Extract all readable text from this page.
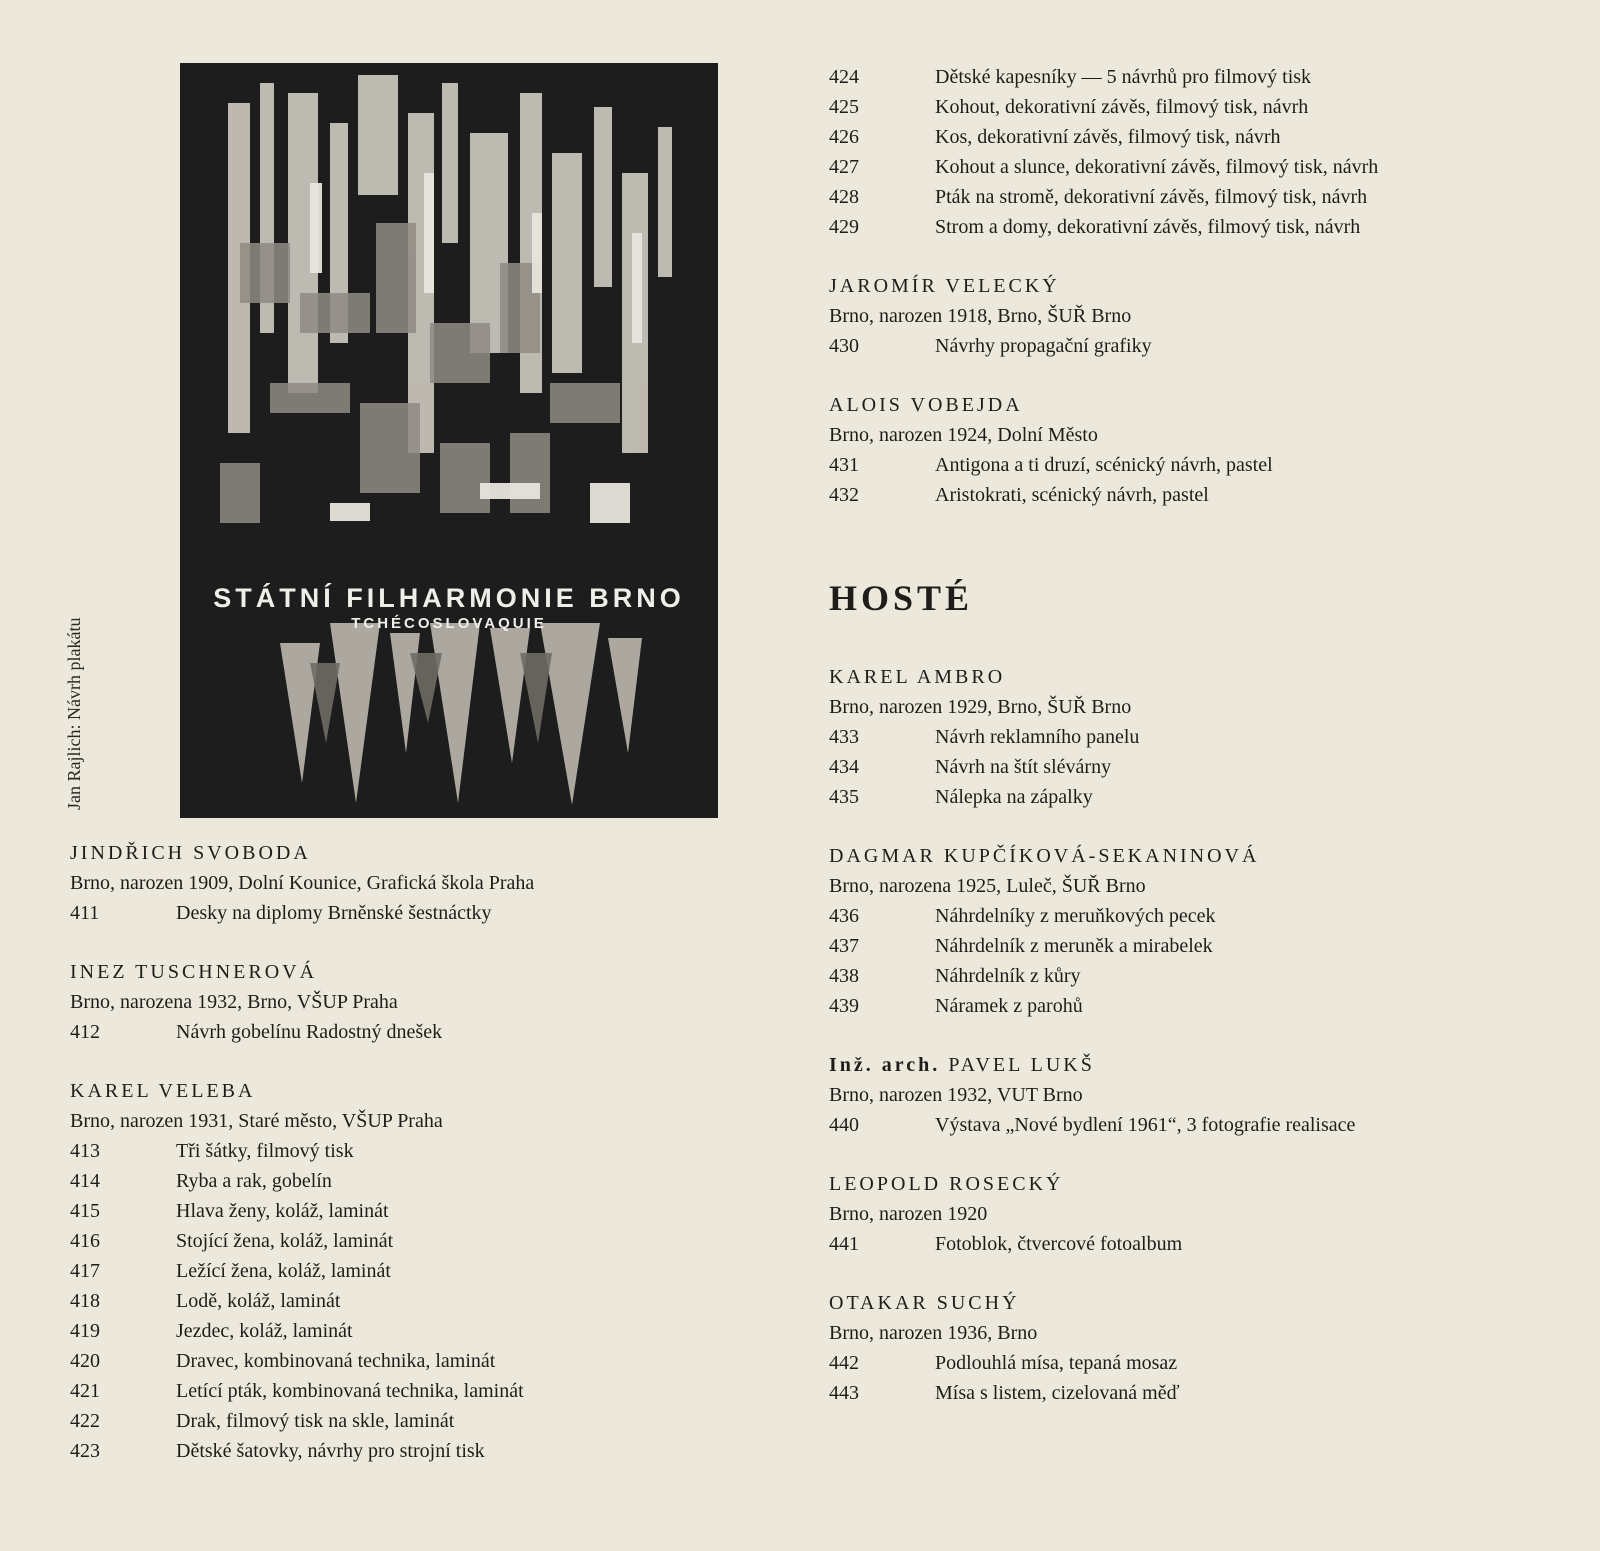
STÁTNÍ FILHARMONIE BRNO
TCHÉCOSLOVAQUIE
Jan Rajlich: Návrh plakátu
JINDŘICH SVOBODA
Brno, narozen 1909, Dolní Kounice, Grafická škola Praha
411	Desky na diplomy Brněnské šestnáctky
INEZ TUSCHNEROVÁ
Brno, narozena 1932, Brno, VŠUP Praha
412	Návrh gobelínu Radostný dnešek
KAREL VELEBA
Brno, narozen 1931, Staré město, VŠUP Praha
413	Tři šátky, filmový tisk
414	Ryba a rak, gobelín
415	Hlava ženy, koláž, laminát
416	Stojící žena, koláž, laminát
417	Ležící žena, koláž, laminát
418	Lodě, koláž, laminát
419	Jezdec, koláž, laminát
420	Dravec, kombinovaná technika, laminát
421	Letící pták, kombinovaná technika, laminát
422	Drak, filmový tisk na skle, laminát
423	Dětské šatovky, návrhy pro strojní tisk
424	Dětské kapesníky — 5 návrhů pro filmový tisk
425	Kohout, dekorativní závěs, filmový tisk, návrh
426	Kos, dekorativní závěs, filmový tisk, návrh
427	Kohout a slunce, dekorativní závěs, filmový tisk, návrh
428	Pták na stromě, dekorativní závěs, filmový tisk, návrh
429	Strom a domy, dekorativní závěs, filmový tisk, návrh
JAROMÍR VELECKÝ
Brno, narozen 1918, Brno, ŠUŘ Brno
430	Návrhy propagační grafiky
ALOIS VOBEJDA
Brno, narozen 1924, Dolní Město
431	Antigona a ti druzí, scénický návrh, pastel
432	Aristokrati, scénický návrh, pastel
HOSTÉ
KAREL AMBRO
Brno, narozen 1929, Brno, ŠUŘ Brno
433	Návrh reklamního panelu
434	Návrh na štít slévárny
435	Nálepka na zápalky
DAGMAR KUPČÍKOVÁ-SEKANINOVÁ
Brno, narozena 1925, Luleč, ŠUŘ Brno
436	Náhrdelníky z meruňkových pecek
437	Náhrdelník z meruněk a mirabelek
438	Náhrdelník z kůry
439	Náramek z parohů
Inž. arch. PAVEL LUKŠ
Brno, narozen 1932, VUT Brno
440	Výstava „Nové bydlení 1961“, 3 fotografie realisace
LEOPOLD ROSECKÝ
Brno, narozen 1920
441	Fotoblok, čtvercové fotoalbum
OTAKAR SUCHÝ
Brno, narozen 1936, Brno
442	Podlouhlá mísa, tepaná mosaz
443	Mísa s listem, cizelovaná měď
